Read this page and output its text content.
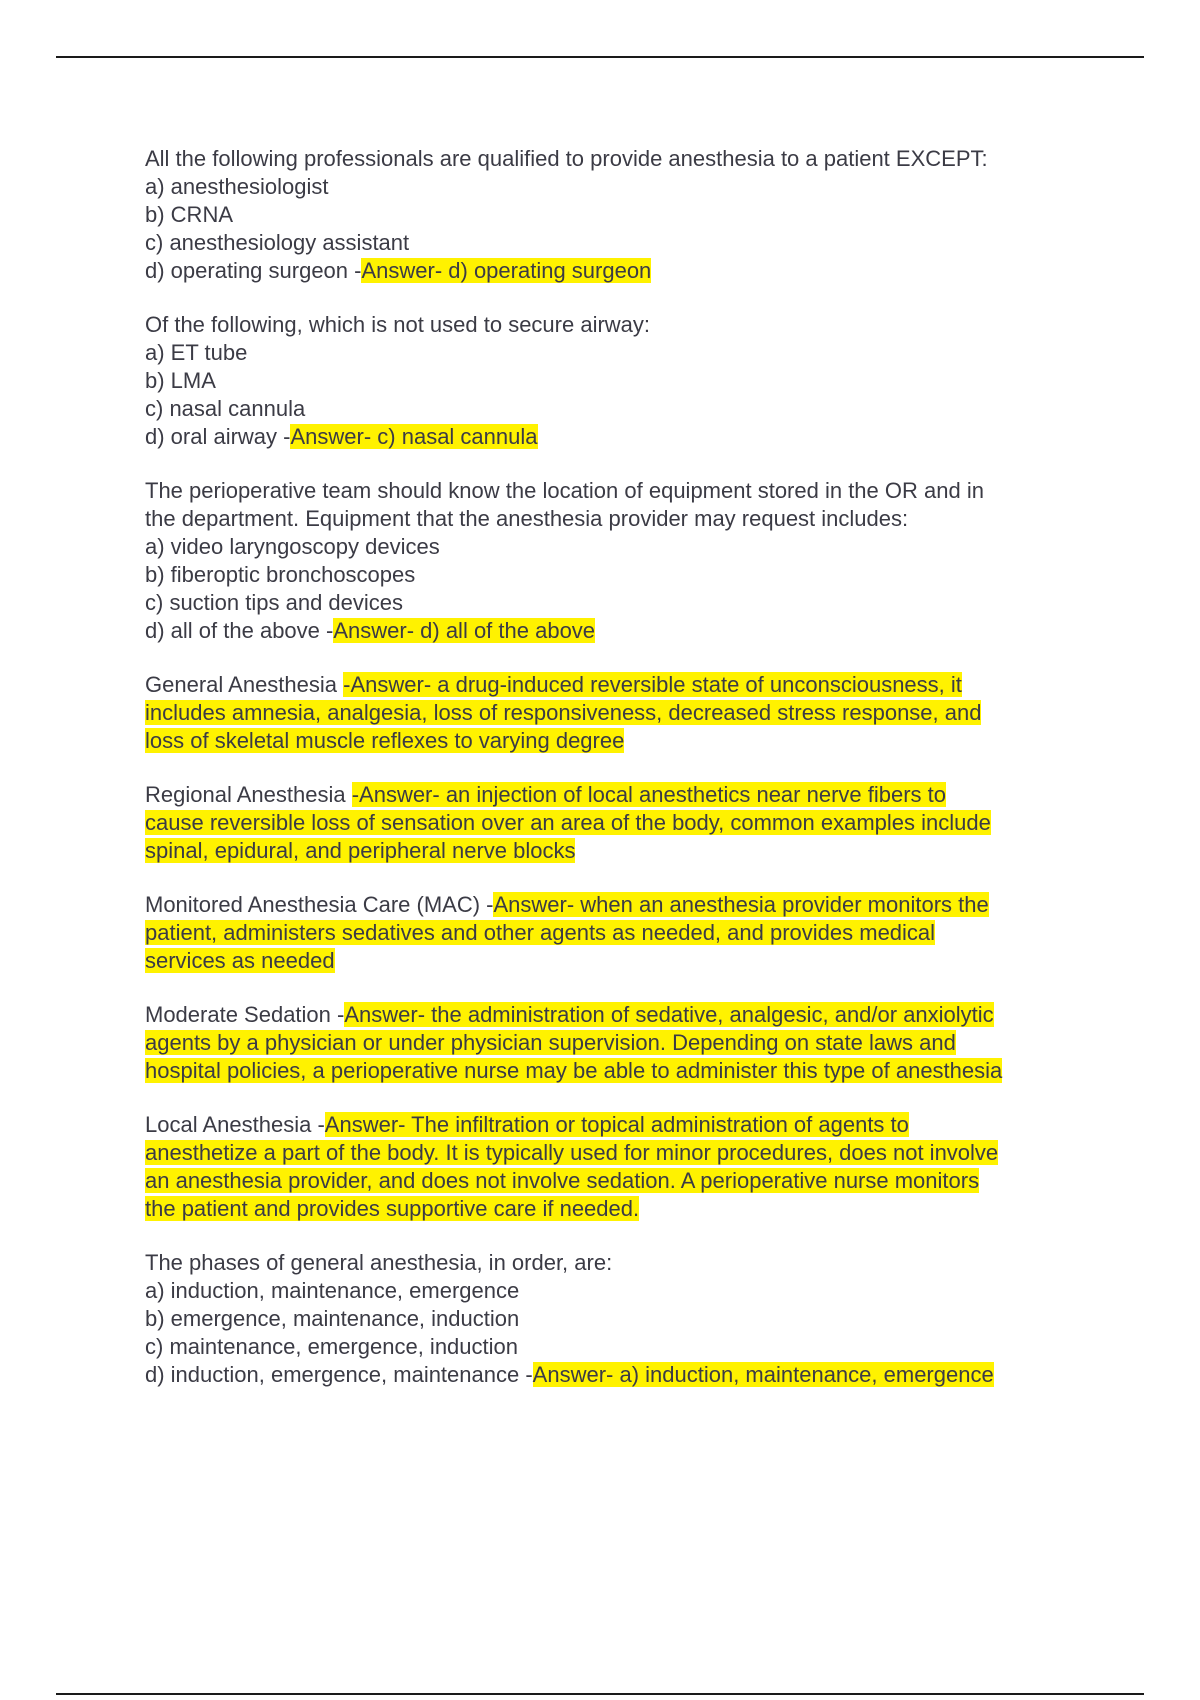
All the following professionals are qualified to provide anesthesia to a patient EXCEPT:
a) anesthesiologist
b) CRNA
c) anesthesiology assistant
d) operating surgeon -Answer- d) operating surgeon
Of the following, which is not used to secure airway:
a) ET tube
b) LMA
c) nasal cannula
d) oral airway -Answer- c) nasal cannula
The perioperative team should know the location of equipment stored in the OR and in
the department. Equipment that the anesthesia provider may request includes:
a) video laryngoscopy devices
b) fiberoptic bronchoscopes
c) suction tips and devices
d) all of the above -Answer- d) all of the above
General Anesthesia -Answer- a drug-induced reversible state of unconsciousness, it
includes amnesia, analgesia, loss of responsiveness, decreased stress response, and
loss of skeletal muscle reflexes to varying degree
Regional Anesthesia -Answer- an injection of local anesthetics near nerve fibers to
cause reversible loss of sensation over an area of the body, common examples include
spinal, epidural, and peripheral nerve blocks
Monitored Anesthesia Care (MAC) -Answer- when an anesthesia provider monitors the
patient, administers sedatives and other agents as needed, and provides medical
services as needed
Moderate Sedation -Answer- the administration of sedative, analgesic, and/or anxiolytic
agents by a physician or under physician supervision. Depending on state laws and
hospital policies, a perioperative nurse may be able to administer this type of anesthesia
Local Anesthesia -Answer- The infiltration or topical administration of agents to
anesthetize a part of the body. It is typically used for minor procedures, does not involve
an anesthesia provider, and does not involve sedation. A perioperative nurse monitors
the patient and provides supportive care if needed.
The phases of general anesthesia, in order, are:
a) induction, maintenance, emergence
b) emergence, maintenance, induction
c) maintenance, emergence, induction
d) induction, emergence, maintenance -Answer- a) induction, maintenance, emergence
